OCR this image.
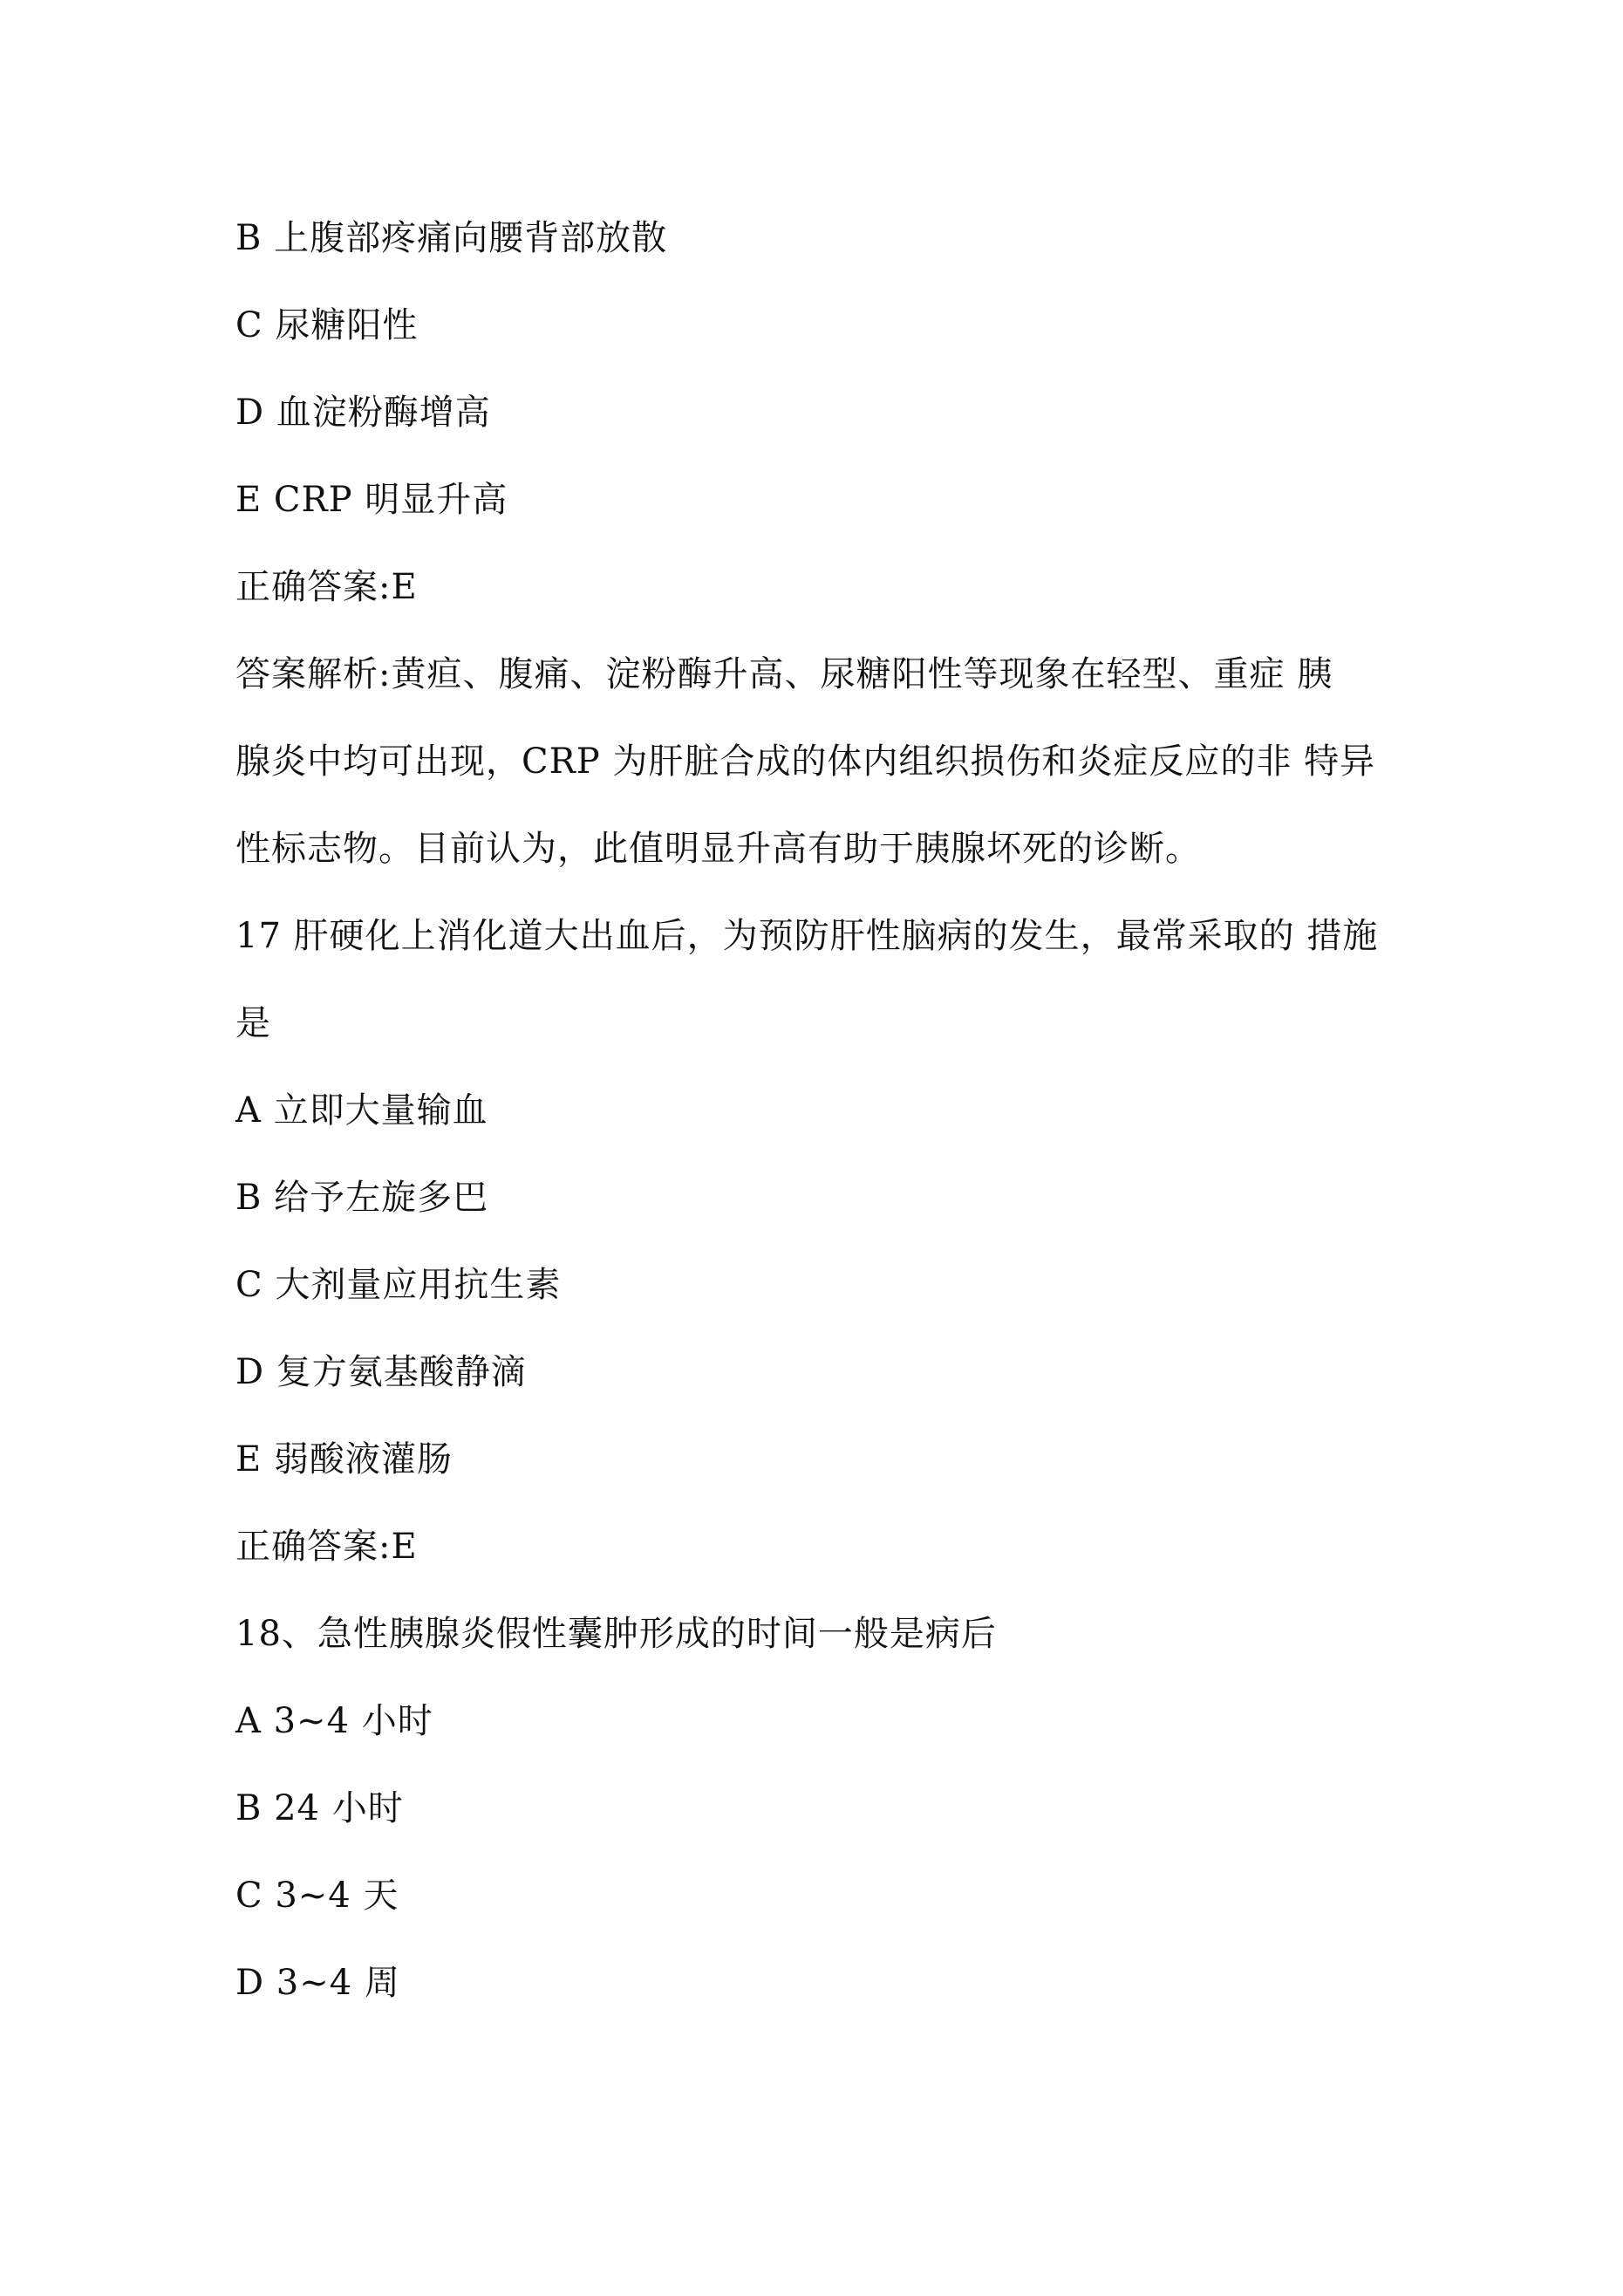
B 上腹部疼痛向腰背部放散
C 尿糖阳性
D 血淀粉酶增高
E CRP 明显升高
正确答案:E
答案解析:黄疸、腹痛、淀粉酶升高、尿糖阳性等现象在轻型、重症 胰
腺炎中均可出现，CRP 为肝脏合成的体内组织损伤和炎症反应的非 特异
性标志物。目前认为，此值明显升高有助于胰腺坏死的诊断。
17 肝硬化上消化道大出血后，为预防肝性脑病的发生，最常采取的 措施
是
A 立即大量输血
B 给予左旋多巴
C 大剂量应用抗生素
D 复方氨基酸静滴
E 弱酸液灌肠
正确答案:E
18、急性胰腺炎假性囊肿形成的时间一般是病后
A 3~4 小时
B 24 小时
C 3~4 天
D 3~4 周
